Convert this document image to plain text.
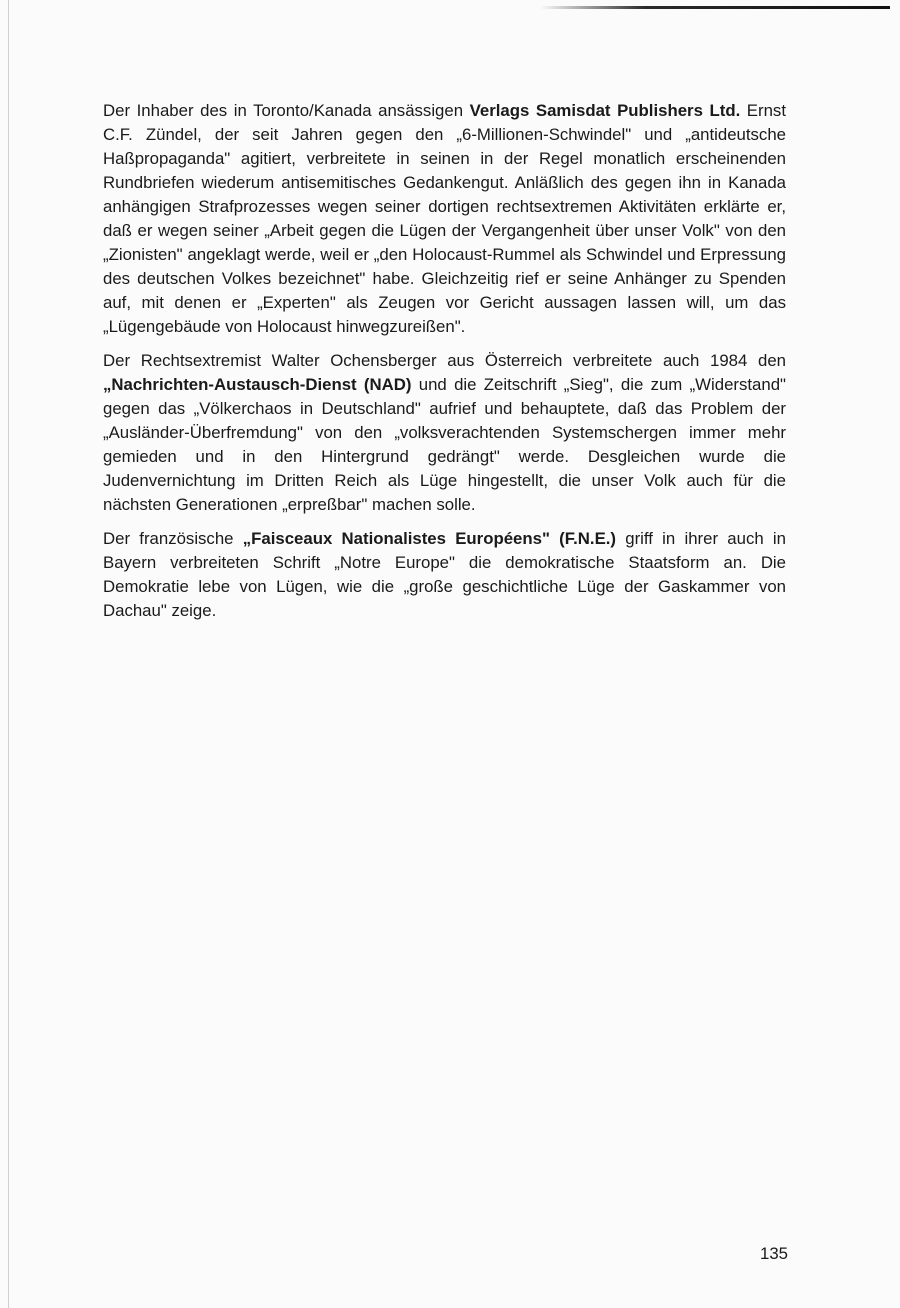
Der Inhaber des in Toronto/Kanada ansässigen Verlags Samisdat Publishers Ltd. Ernst C.F. Zündel, der seit Jahren gegen den „6-Millionen-Schwindel" und „antideutsche Haßpropaganda" agitiert, verbreitete in seinen in der Regel monatlich erscheinenden Rundbriefen wiederum antisemitisches Gedankengut. Anläßlich des gegen ihn in Kanada anhängigen Strafprozesses wegen seiner dortigen rechtsextremen Aktivitäten erklärte er, daß er wegen seiner „Arbeit gegen die Lügen der Vergangenheit über unser Volk" von den „Zionisten" angeklagt werde, weil er „den Holocaust-Rummel als Schwindel und Erpressung des deutschen Volkes bezeichnet" habe. Gleichzeitig rief er seine Anhänger zu Spenden auf, mit denen er „Experten" als Zeugen vor Gericht aussagen lassen will, um das „Lügengebäude von Holocaust hinwegzureißen".

Der Rechtsextremist Walter Ochensberger aus Österreich verbreitete auch 1984 den „Nachrichten-Austausch-Dienst (NAD) und die Zeitschrift „Sieg", die zum „Widerstand" gegen das „Völkerchaos in Deutschland" aufrief und behauptete, daß das Problem der „Ausländer-Überfremdung" von den „volksverachtenden Systemschergen immer mehr gemieden und in den Hintergrund gedrängt" werde. Desgleichen wurde die Judenvernichtung im Dritten Reich als Lüge hingestellt, die unser Volk auch für die nächsten Generationen „erpreßbar" machen solle.

Der französische „Faisceaux Nationalistes Européens" (F.N.E.) griff in ihrer auch in Bayern verbreiteten Schrift „Notre Europe" die demokratische Staatsform an. Die Demokratie lebe von Lügen, wie die „große geschichtliche Lüge der Gaskammer von Dachau" zeige.

135
